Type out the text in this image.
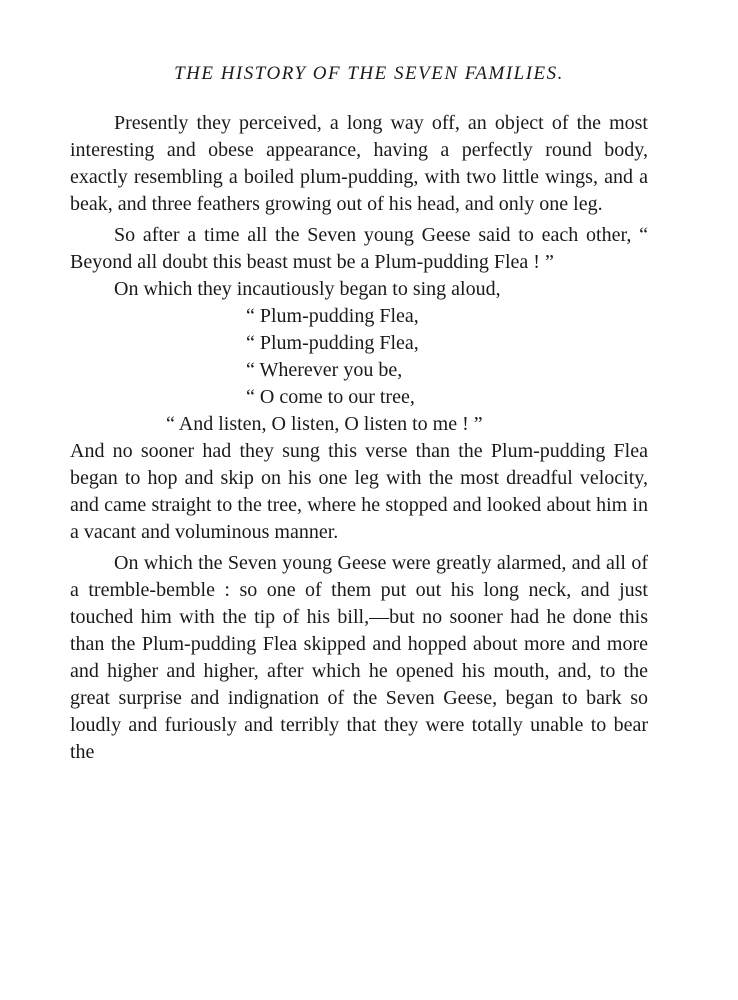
THE HISTORY OF THE SEVEN FAMILIES.

Presently they perceived, a long way off, an object of the most interesting and obese appearance, having a perfectly round body, exactly resembling a boiled plum-pudding, with two little wings, and a beak, and three feathers growing out of his head, and only one leg.

So after a time all the Seven young Geese said to each other, “ Beyond all doubt this beast must be a Plum-pudding Flea ! ”

On which they incautiously began to sing aloud,

“ Plum-pudding Flea,
“ Plum-pudding Flea,
“ Wherever you be,
“ O come to our tree,
“ And listen, O listen, O listen to me ! ”

And no sooner had they sung this verse than the Plum-pudding Flea began to hop and skip on his one leg with the most dreadful velocity, and came straight to the tree, where he stopped and looked about him in a vacant and voluminous manner.

On which the Seven young Geese were greatly alarmed, and all of a tremble-bemble : so one of them put out his long neck, and just touched him with the tip of his bill,—but no sooner had he done this than the Plum-pudding Flea skipped and hopped about more and more and higher and higher, after which he opened his mouth, and, to the great surprise and indignation of the Seven Geese, began to bark so loudly and furiously and terribly that they were totally unable to bear the
